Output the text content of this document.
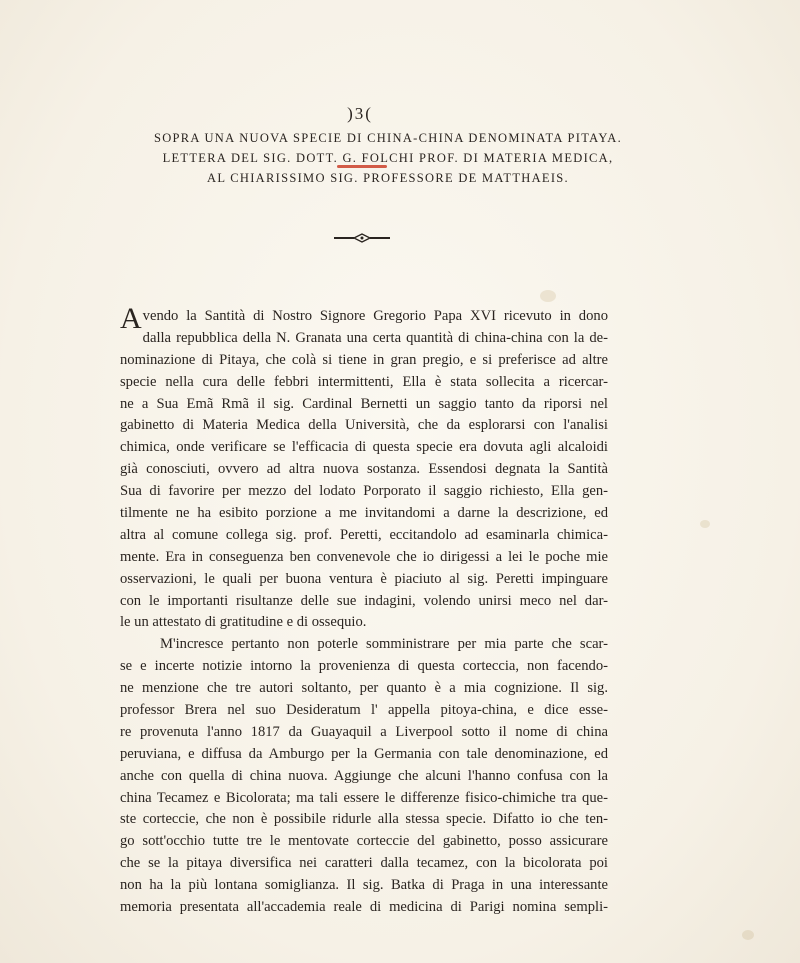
)3(
SOPRA UNA NUOVA SPECIE DI CHINA-CHINA DENOMINATA PITAYA.
LETTERA DEL SIG. DOTT. G. FOLCHI PROF. DI MATERIA MEDICA,
AL CHIARISSIMO SIG. PROFESSORE DE MATTHAEIS.
Avendo la Santità di Nostro Signore Gregorio Papa XVI ricevuto in dono
dalla repubblica della N. Granata una certa quantità di china-china con la de-
nominazione di Pitaya, che colà si tiene in gran pregio, e si preferisce ad altre
specie nella cura delle febbri intermittenti, Ella è stata sollecita a ricercar-
ne a Sua Emã Rmã il sig. Cardinal Bernetti un saggio tanto da riporsi nel
gabinetto di Materia Medica della Università, che da esplorarsi con l'analisi
chimica, onde verificare se l'efficacia di questa specie era dovuta agli alcaloidi
già conosciuti, ovvero ad altra nuova sostanza. Essendosi degnata la Santità
Sua di favorire per mezzo del lodato Porporato il saggio richiesto, Ella gen-
tilmente ne ha esibito porzione a me invitandomi a darne la descrizione, ed
altra al comune collega sig. prof. Peretti, eccitandolo ad esaminarla chimica-
mente. Era in conseguenza ben convenevole che io dirigessi a lei le poche mie
osservazioni, le quali per buona ventura è piaciuto al sig. Peretti impinguare
con le importanti risultanze delle sue indagini, volendo unirsi meco nel dar-
le un attestato di gratitudine e di ossequio.
M'incresce pertanto non poterle somministrare per mia parte che scar-
se e incerte notizie intorno la provenienza di questa corteccia, non facendo-
ne menzione che tre autori soltanto, per quanto è a mia cognizione. Il sig.
professor Brera nel suo Desideratum l' appella pitoya-china, e dice esse-
re provenuta l'anno 1817 da Guayaquil a Liverpool sotto il nome di china
peruviana, e diffusa da Amburgo per la Germania con tale denominazione, ed
anche con quella di china nuova. Aggiunge che alcuni l'hanno confusa con la
china Tecamez e Bicolorata; ma tali essere le differenze fisico-chimiche tra que-
ste corteccie, che non è possibile ridurle alla stessa specie. Difatto io che ten-
go sott'occhio tutte tre le mentovate corteccie del gabinetto, posso assicurare
che se la pitaya diversifica nei caratteri dalla tecamez, con la bicolorata poi
non ha la più lontana somiglianza. Il sig. Batka di Praga in una interessante
memoria presentata all'accademia reale di medicina di Parigi nomina sempli-
